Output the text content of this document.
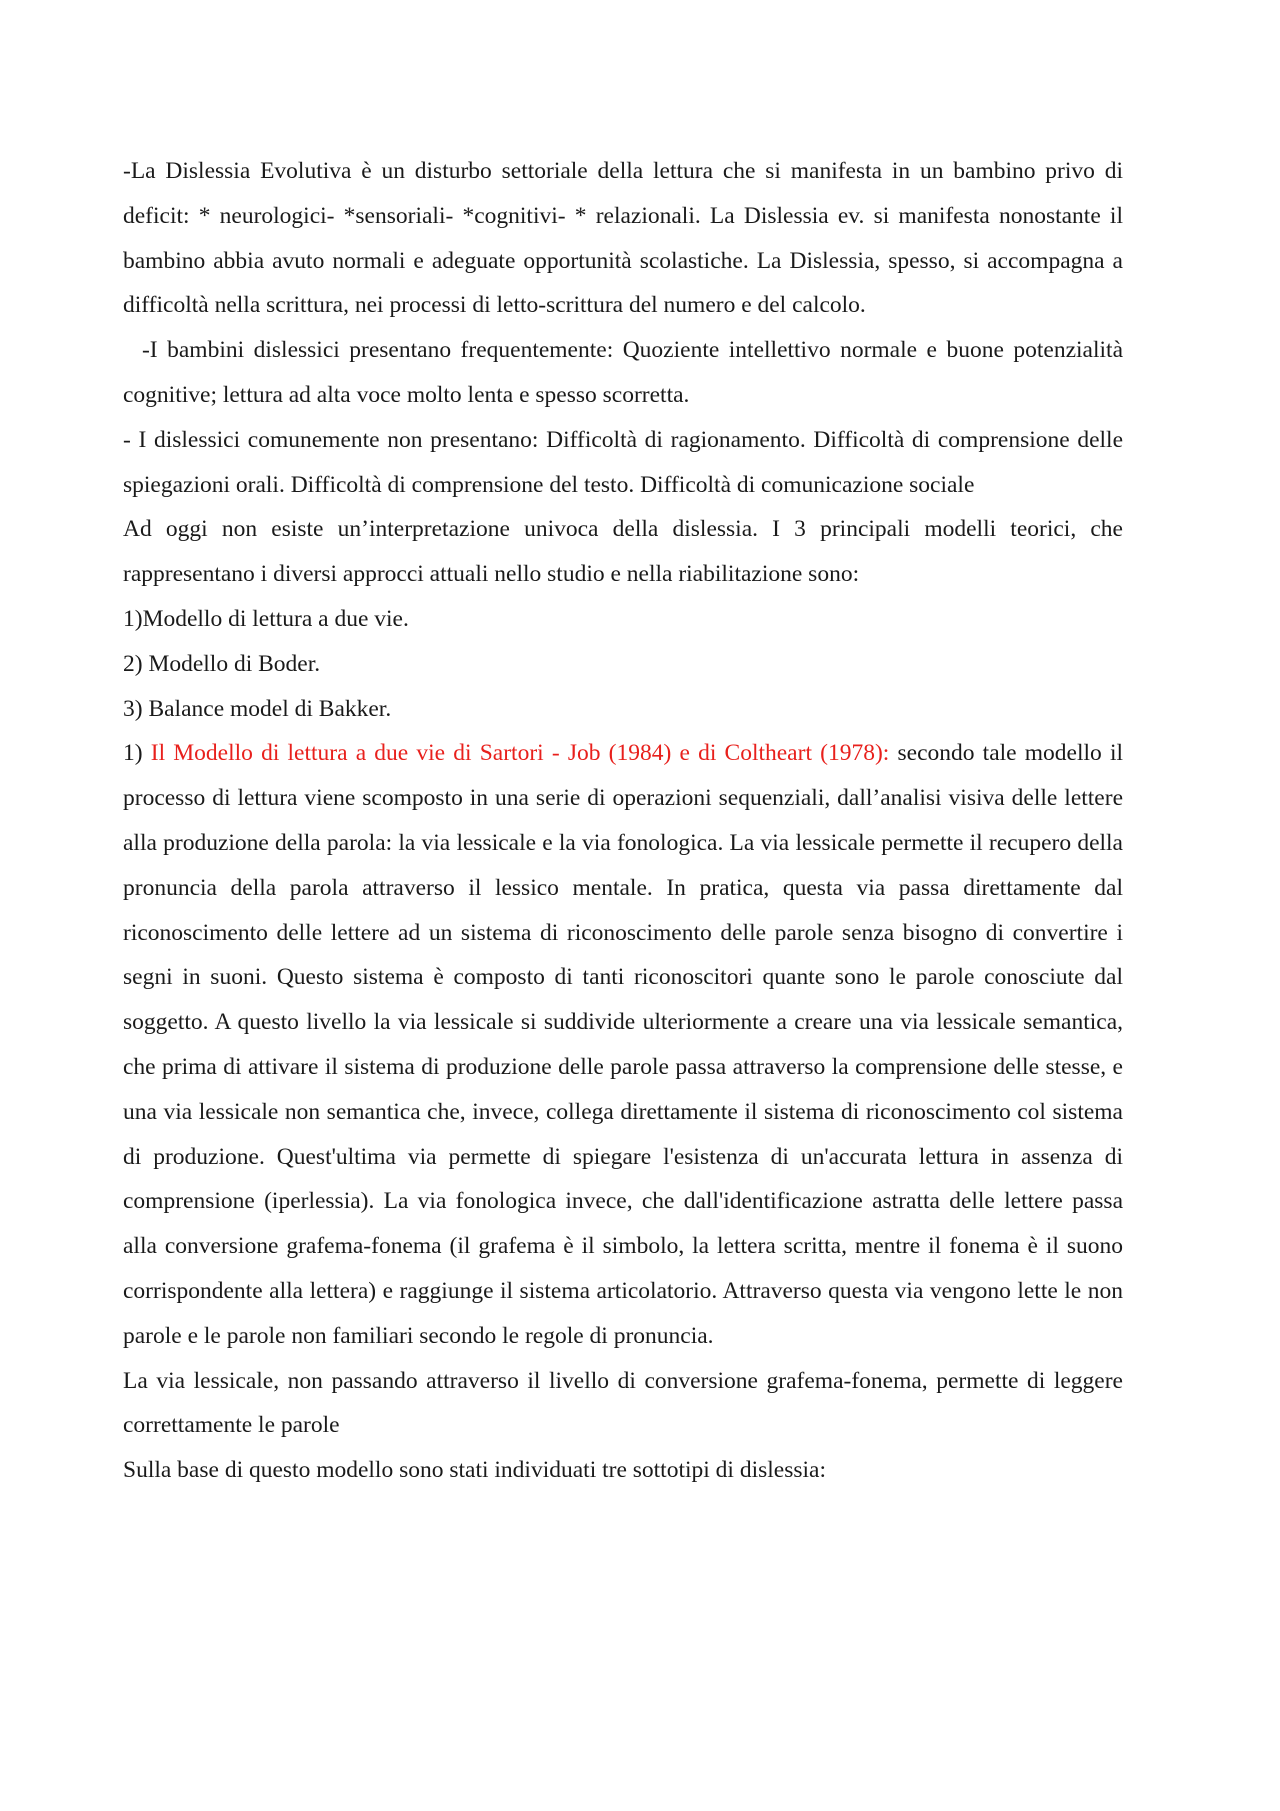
-La Dislessia Evolutiva è un disturbo settoriale della lettura che si manifesta in un bambino privo di deficit: * neurologici- *sensoriali- *cognitivi- * relazionali. La Dislessia ev. si manifesta nonostante il bambino abbia avuto normali e adeguate opportunità scolastiche. La Dislessia, spesso, si accompagna a difficoltà nella scrittura, nei processi di letto-scrittura del numero e del calcolo.

-I bambini dislessici presentano frequentemente: Quoziente intellettivo normale e buone potenzialità cognitive; lettura ad alta voce molto lenta e spesso scorretta.

- I dislessici comunemente non presentano: Difficoltà di ragionamento. Difficoltà di comprensione delle spiegazioni orali. Difficoltà di comprensione del testo. Difficoltà di comunicazione sociale

Ad oggi non esiste un’interpretazione univoca della dislessia. I 3 principali modelli teorici, che rappresentano i diversi approcci attuali nello studio e nella riabilitazione sono:

1)Modello di lettura a due vie.

2) Modello di Boder.

3) Balance model di Bakker.

1) Il Modello di lettura a due vie di Sartori - Job (1984) e di Coltheart (1978): secondo tale modello il processo di lettura viene scomposto in una serie di operazioni sequenziali, dall’analisi visiva delle lettere alla produzione della parola: la via lessicale e la via fonologica. La via lessicale permette il recupero della pronuncia della parola attraverso il lessico mentale. In pratica, questa via passa direttamente dal riconoscimento delle lettere ad un sistema di riconoscimento delle parole senza bisogno di convertire i segni in suoni. Questo sistema è composto di tanti riconoscitori quante sono le parole conosciute dal soggetto. A questo livello la via lessicale si suddivide ulteriormente a creare una via lessicale semantica, che prima di attivare il sistema di produzione delle parole passa attraverso la comprensione delle stesse, e una via lessicale non semantica che, invece, collega direttamente il sistema di riconoscimento col sistema di produzione. Quest'ultima via permette di spiegare l'esistenza di un'accurata lettura in assenza di comprensione (iperlessia). La via fonologica invece, che dall'identificazione astratta delle lettere passa alla conversione grafema-fonema (il grafema è il simbolo, la lettera scritta, mentre il fonema è il suono corrispondente alla lettera) e raggiunge il sistema articolatorio. Attraverso questa via vengono lette le non parole e le parole non familiari secondo le regole di pronuncia.

La via lessicale, non passando attraverso il livello di conversione grafema-fonema, permette di leggere correttamente le parole

Sulla base di questo modello sono stati individuati tre sottotipi di dislessia:
